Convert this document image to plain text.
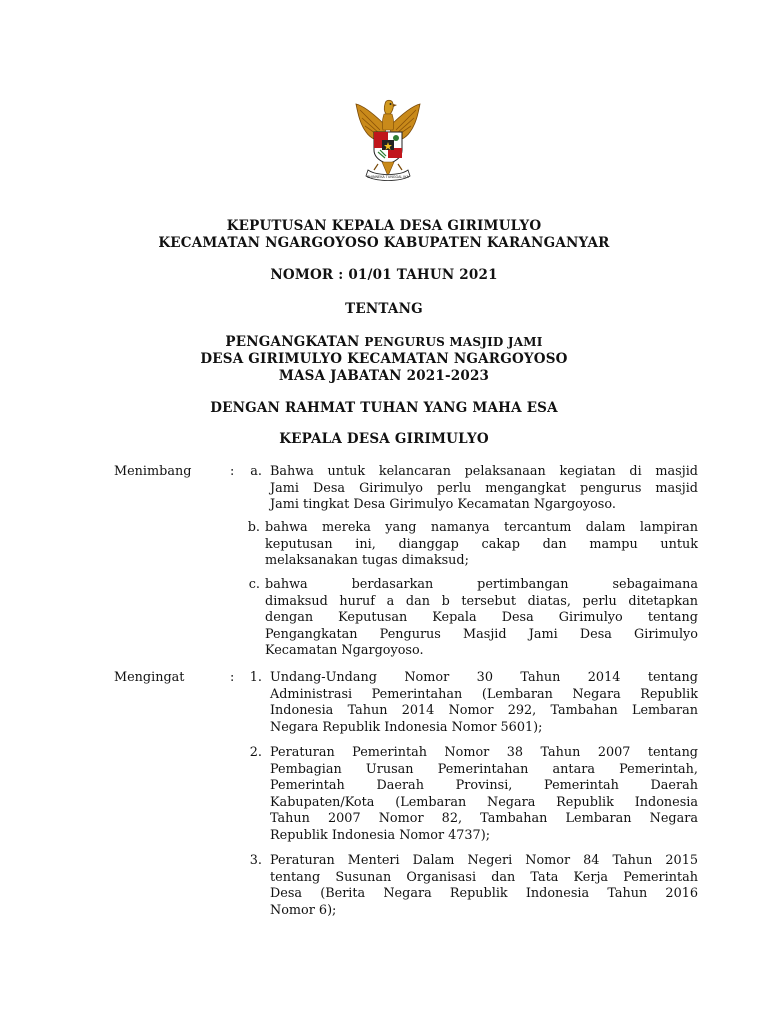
BHINNEKA TUNGGAL IKA
KEPUTUSAN KEPALA DESA GIRIMULYO
KECAMATAN NGARGOYOSO KABUPATEN KARANGANYAR
NOMOR : 01/01 TAHUN 2021
TENTANG
PENGANGKATAN PENGURUS MASJID JAMI
DESA GIRIMULYO KECAMATAN NGARGOYOSO
MASA JABATAN 2021-2023
DENGAN RAHMAT TUHAN YANG MAHA ESA
KEPALA DESA GIRIMULYO
Menimbang	:	a. Bahwa untuk kelancaran pelaksanaan kegiatan di masjid
Jami Desa Girimulyo perlu mengangkat pengurus masjid
Jami tingkat Desa Girimulyo Kecamatan Ngargoyoso.
b. bahwa mereka yang namanya tercantum dalam lampiran
keputusan ini, dianggap cakap dan mampu untuk
melaksanakan tugas dimaksud;
c. bahwa berdasarkan pertimbangan sebagaimana
dimaksud huruf a dan b tersebut diatas, perlu ditetapkan
dengan Keputusan Kepala Desa Girimulyo tentang
Pengangkatan Pengurus Masjid Jami Desa Girimulyo
Kecamatan Ngargoyoso.
Mengingat	:	1. Undang-Undang Nomor 30 Tahun 2014 tentang
Administrasi Pemerintahan (Lembaran Negara Republik
Indonesia Tahun 2014 Nomor 292, Tambahan Lembaran
Negara Republik Indonesia Nomor 5601);
2. Peraturan Pemerintah Nomor 38 Tahun 2007 tentang
Pembagian Urusan Pemerintahan antara Pemerintah,
Pemerintah Daerah Provinsi, Pemerintah Daerah
Kabupaten/Kota (Lembaran Negara Republik Indonesia
Tahun 2007 Nomor 82, Tambahan Lembaran Negara
Republik Indonesia Nomor 4737);
3. Peraturan Menteri Dalam Negeri Nomor 84 Tahun 2015
tentang Susunan Organisasi dan Tata Kerja Pemerintah
Desa (Berita Negara Republik Indonesia Tahun 2016
Nomor 6);
